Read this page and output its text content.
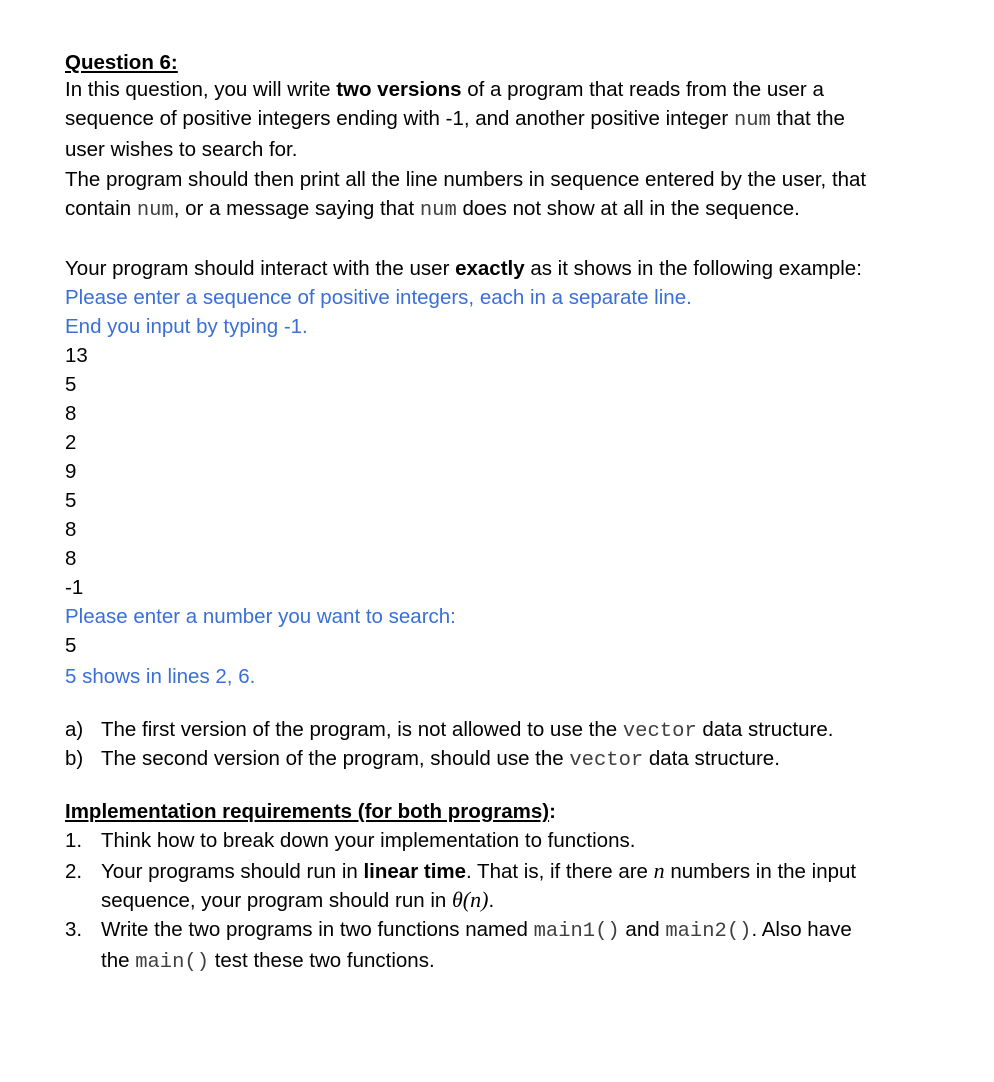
Question 6:
In this question, you will write two versions of a program that reads from the user a
sequence of positive integers ending with -1, and another positive integer num that the
user wishes to search for.
The program should then print all the line numbers in sequence entered by the user, that
contain num, or a message saying that num does not show at all in the sequence.
Your program should interact with the user exactly as it shows in the following example:
Please enter a sequence of positive integers, each in a separate line.
End you input by typing -1.
13
5
8
2
9
5
8
8
-1
Please enter a number you want to search:
5
5 shows in lines 2, 6.
a) The first version of the program, is not allowed to use the vector data structure.
b) The second version of the program, should use the vector data structure.
Implementation requirements (for both programs):
1. Think how to break down your implementation to functions.
2. Your programs should run in linear time. That is, if there are n numbers in the input
sequence, your program should run in θ(n).
3. Write the two programs in two functions named main1() and main2(). Also have
the main() test these two functions.
